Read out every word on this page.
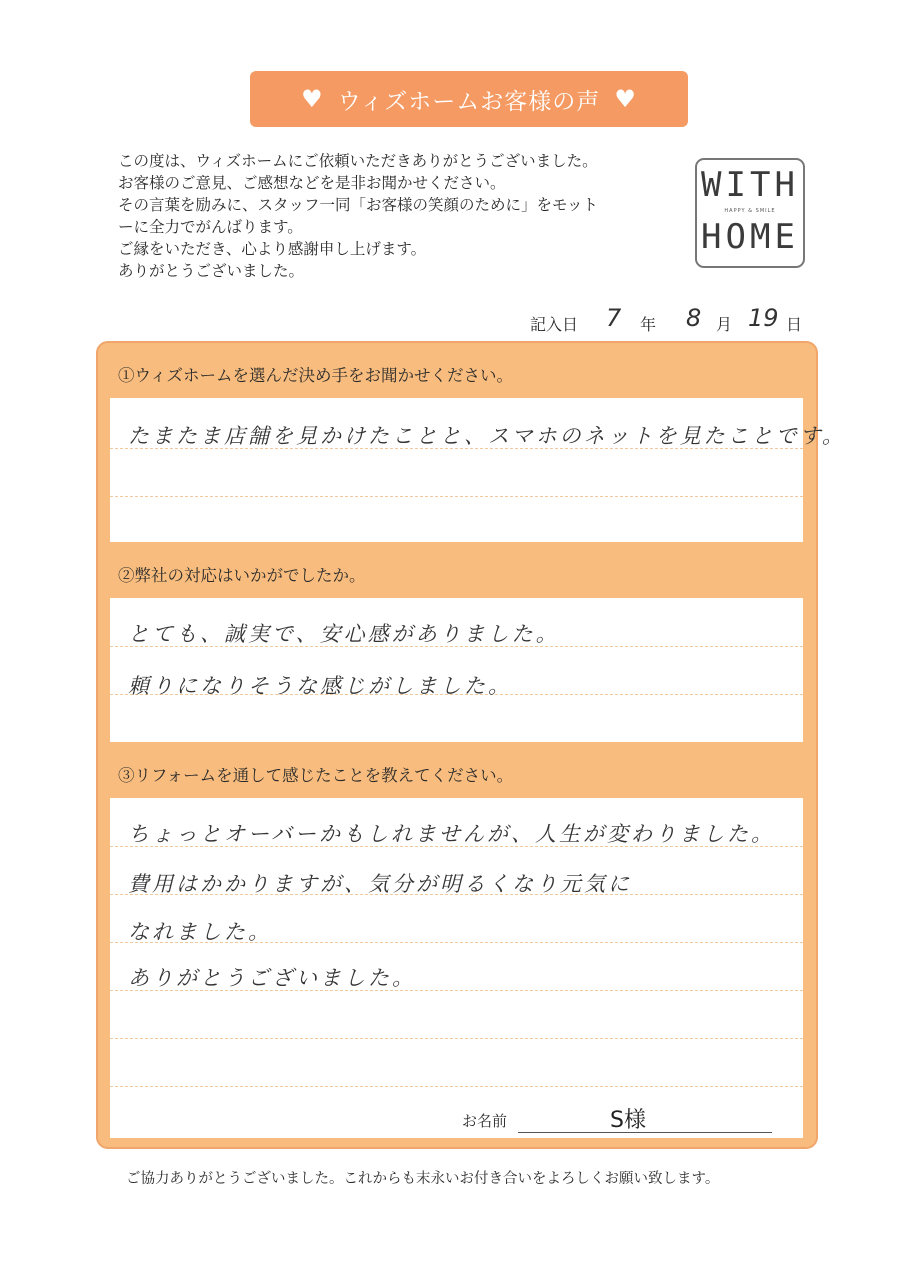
♥ ウィズホームお客様の声 ♥
この度は、ウィズホームにご依頼いただきありがとうございました。
お客様のご意見、ご感想などを是非お聞かせください。
その言葉を励みに、スタッフ一同「お客様の笑顔のために」をモット
ーに全力でがんばります。
ご縁をいただき、心より感謝申し上げます。
ありがとうございました。
WITH
HAPPY & SMILE
HOME
記入日 7 年 8 月 19 日
①ウィズホームを選んだ決め手をお聞かせください。
たまたま店舗を見かけたことと、スマホのネットを見たことです。
②弊社の対応はいかがでしたか。
とても、誠実で、安心感がありました。
頼りになりそうな感じがしました。
③リフォームを通して感じたことを教えてください。
ちょっとオーバーかもしれませんが、人生が変わりました。
費用はかかりますが、気分が明るくなり元気に
なれました。
ありがとうございました。
お名前	S様
ご協力ありがとうございました。これからも末永いお付き合いをよろしくお願い致します。
